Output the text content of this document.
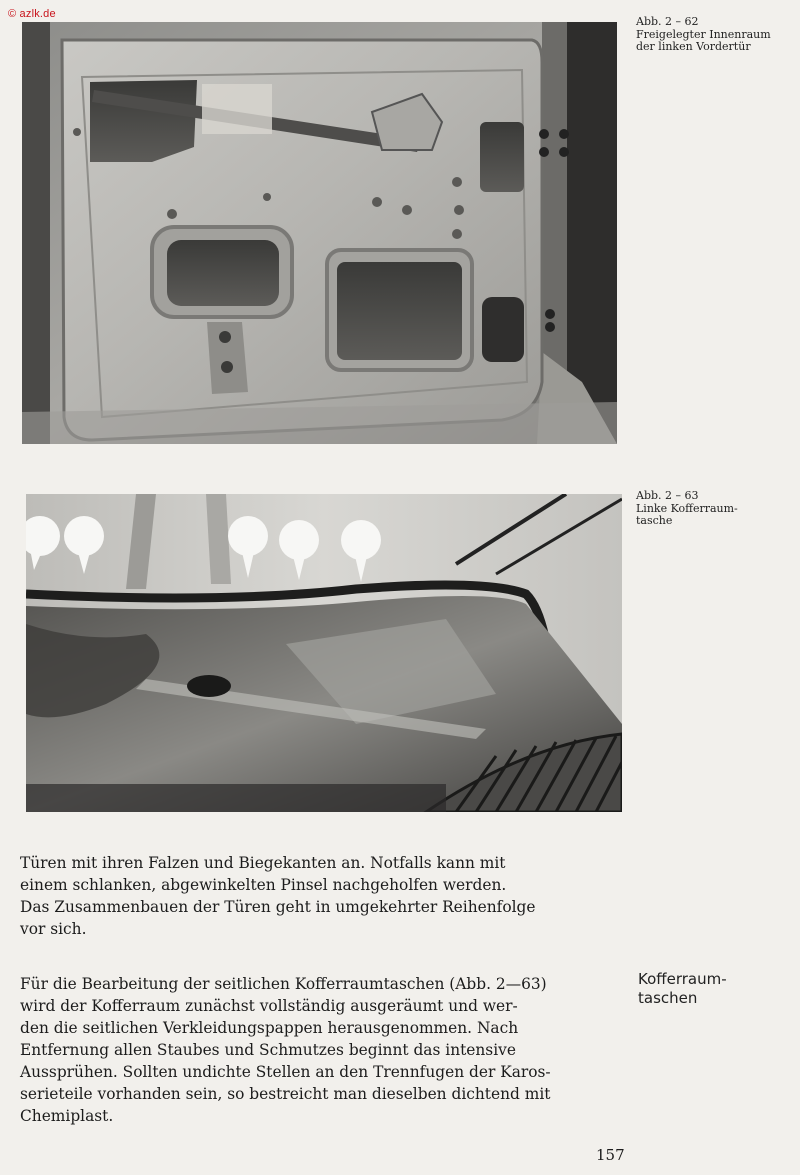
© azlk.de
Abb. 2 – 62
Freigelegter Innenraum
der linken Vordertür
Abb. 2 – 63
Linke Kofferraum-
tasche

Türen mit ihren Falzen und Biegekanten an. Notfalls kann mit
einem schlanken, abgewinkelten Pinsel nachgeholfen werden.
Das Zusammenbauen der Türen geht in umgekehrter Reihenfolge
vor sich.

Kofferraum-
taschen

Für die Bearbeitung der seitlichen Kofferraumtaschen (Abb. 2—63)
wird der Kofferraum zunächst vollständig ausgeräumt und wer-
den die seitlichen Verkleidungspappen herausgenommen. Nach
Entfernung allen Staubes und Schmutzes beginnt das intensive
Aussprühen. Sollten undichte Stellen an den Trennfugen der Karos-
serieteile vorhanden sein, so bestreicht man dieselben dichtend mit
Chemiplast.

157
